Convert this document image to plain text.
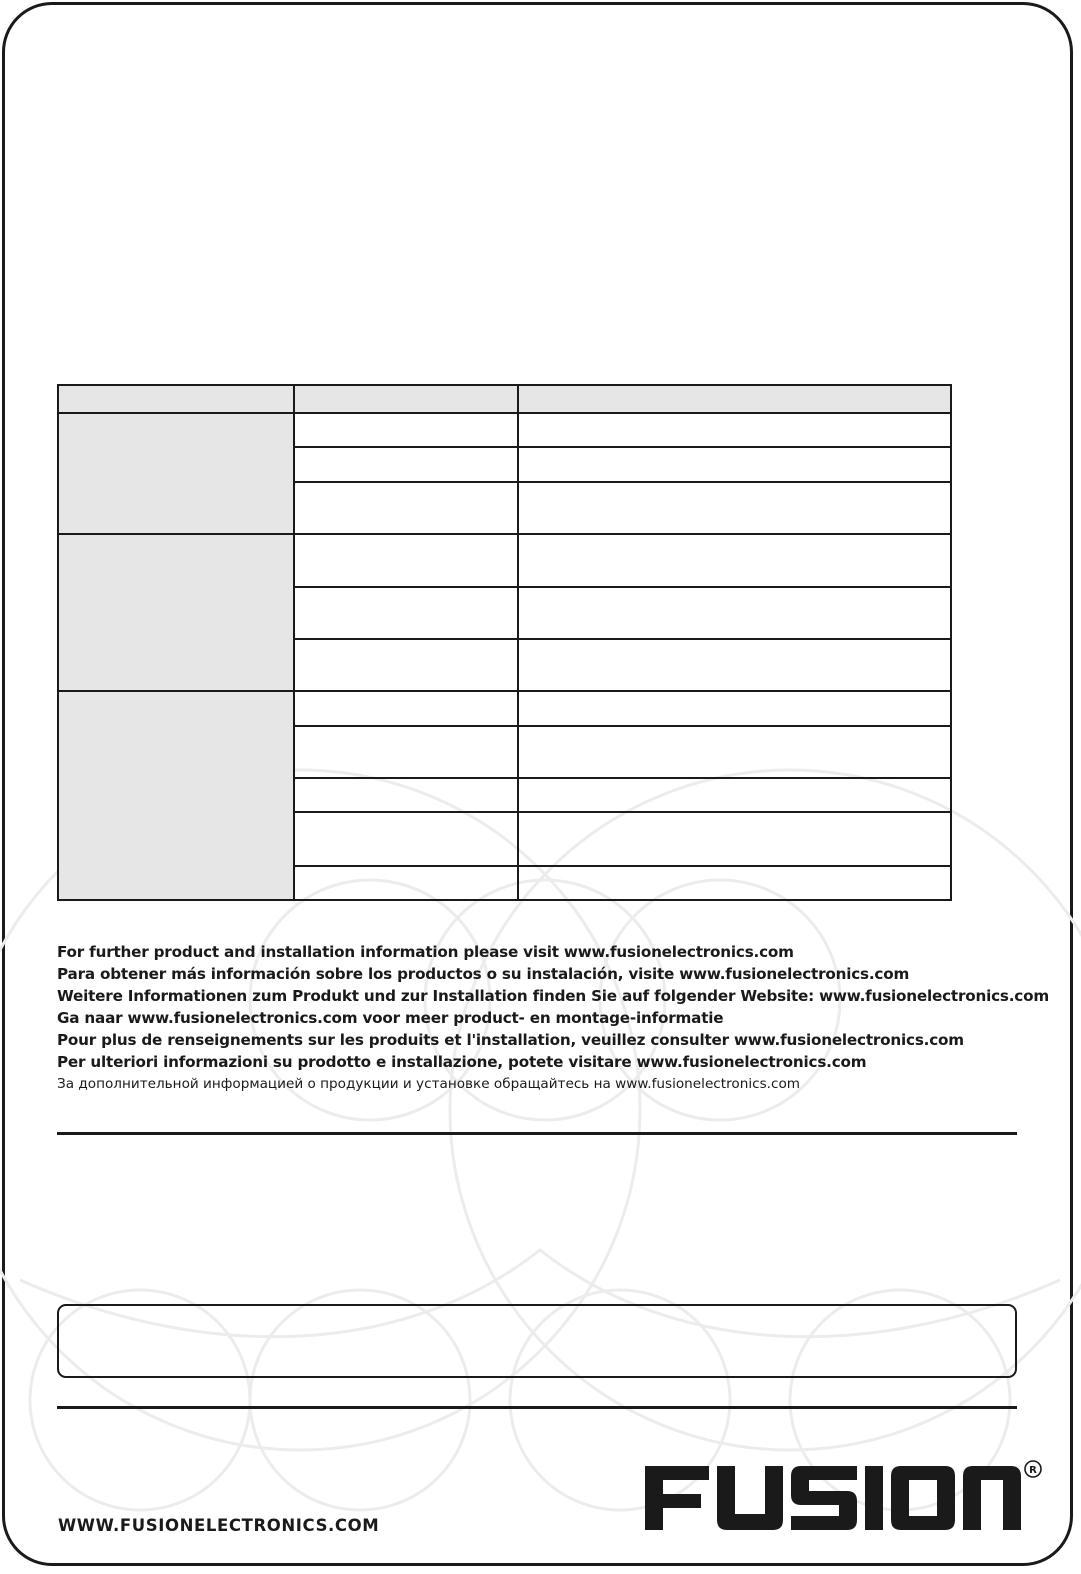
For further product and installation information please visit www.fusionelectronics.com

Para obtener más información sobre los productos o su instalación, visite www.fusionelectronics.com

Weitere Informationen zum Produkt und zur Installation finden Sie auf folgender Website: www.fusionelectronics.com

Ga naar www.fusionelectronics.com voor meer product- en montage-informatie

Pour plus de renseignements sur les produits et l'installation, veuillez consulter www.fusionelectronics.com

Per ulteriori informazioni su prodotto e installazione, potete visitare www.fusionelectronics.com

За дополнительной информацией о продукции и установке обращайтесь на www.fusionelectronics.com

WWW.FUSIONELECTRONICS.COM
R
